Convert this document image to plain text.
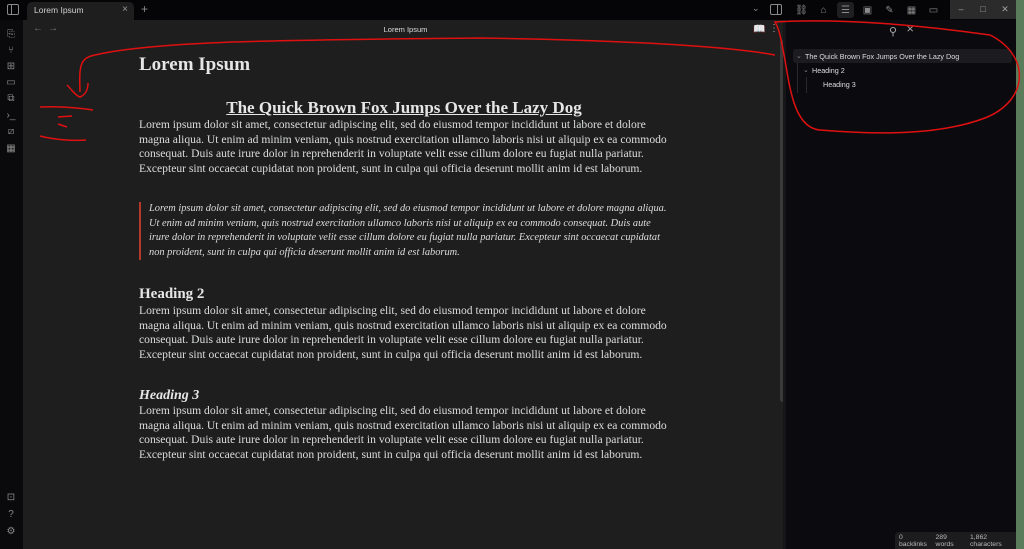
Lorem Ipsum	× +	⌄	⛓	⌂	☰	▣	✎	▦	▭	–	□	✕
⎘
⑂
⊞
▭
⧉
›_
⧄
▦
⊡
?
⚙
← →	Lorem Ipsum	📖 ⋮
Lorem Ipsum
The Quick Brown Fox Jumps Over the Lazy Dog

Lorem ipsum dolor sit amet, consectetur adipiscing elit, sed do eiusmod tempor incididunt ut labore et dolore magna aliqua. Ut enim ad minim veniam, quis nostrud exercitation ullamco laboris nisi ut aliquip ex ea commodo consequat. Duis aute irure dolor in reprehenderit in voluptate velit esse cillum dolore eu fugiat nulla pariatur. Excepteur sint occaecat cupidatat non proident, sunt in culpa qui officia deserunt mollit anim id est laborum.

Lorem ipsum dolor sit amet, consectetur adipiscing elit, sed do eiusmod tempor incididunt ut labore et dolore magna aliqua. Ut enim ad minim veniam, quis nostrud exercitation ullamco laboris nisi ut aliquip ex ea commodo consequat. Duis aute irure dolor in reprehenderit in voluptate velit esse cillum dolore eu fugiat nulla pariatur. Excepteur sint occaecat cupidatat non proident, sunt in culpa qui officia deserunt mollit anim id est laborum.

Heading 2

Lorem ipsum dolor sit amet, consectetur adipiscing elit, sed do eiusmod tempor incididunt ut labore et dolore magna aliqua. Ut enim ad minim veniam, quis nostrud exercitation ullamco laboris nisi ut aliquip ex ea commodo consequat. Duis aute irure dolor in reprehenderit in voluptate velit esse cillum dolore eu fugiat nulla pariatur. Excepteur sint occaecat cupidatat non proident, sunt in culpa qui officia deserunt mollit anim id est laborum.

Heading 3

Lorem ipsum dolor sit amet, consectetur adipiscing elit, sed do eiusmod tempor incididunt ut labore et dolore magna aliqua. Ut enim ad minim veniam, quis nostrud exercitation ullamco laboris nisi ut aliquip ex ea commodo consequat. Duis aute irure dolor in reprehenderit in voluptate velit esse cillum dolore eu fugiat nulla pariatur. Excepteur sint occaecat cupidatat non proident, sunt in culpa qui officia deserunt mollit anim id est laborum.

⚲ ⨯
⌄ The Quick Brown Fox Jumps Over the Lazy Dog
⌄ Heading 2
Heading 3
0 backlinks
289 words
1,862 characters
